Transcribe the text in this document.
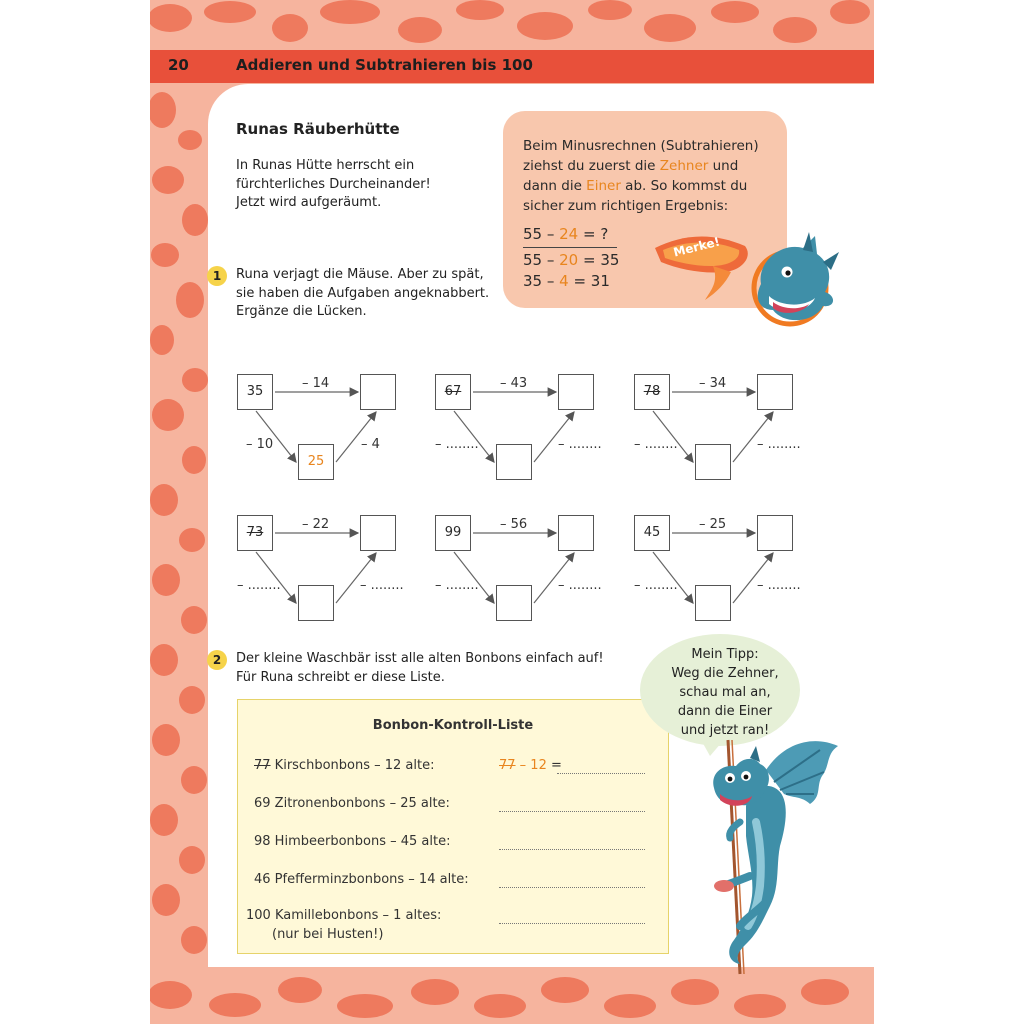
20	Addieren und Subtrahieren bis 100
Runas Räuberhütte
In Runas Hütte herrscht ein
fürchterliches Durcheinander!
Jetzt wird aufgeräumt.
Beim Minusrechnen (Subtrahieren)
ziehst du zuerst die Zehner und
dann die Einer ab. So kommst du
sicher zum richtigen Ergebnis:
55 – 24 = ?
55 – 20 = 35
35 – 4 = 31
Merke!
1	Runa verjagt die Mäuse. Aber zu spät,
sie haben die Aufgaben angeknabbert.
Ergänze die Lücken.
35
25
– 14
– 10	– 4
67
– 43
– ........	– ........
78
– 34
– ........	– ........
73
– 22
– ........	– ........
99
– 56
– ........	– ........
45
– 25
– ........	– ........
2	Der kleine Waschbär isst alle alten Bonbons einfach auf!
Für Runa schreibt er diese Liste.
Bonbon-Kontroll-Liste
77 Kirschbonbons – 12 alte:	77 – 12 =
69 Zitronenbonbons – 25 alte:
98 Himbeerbonbons – 45 alte:
46 Pfefferminzbonbons – 14 alte:
100 Kamillebonbons – 1 altes:
(nur bei Husten!)
Mein Tipp:
Weg die Zehner,
schau mal an,
dann die Einer
und jetzt ran!
